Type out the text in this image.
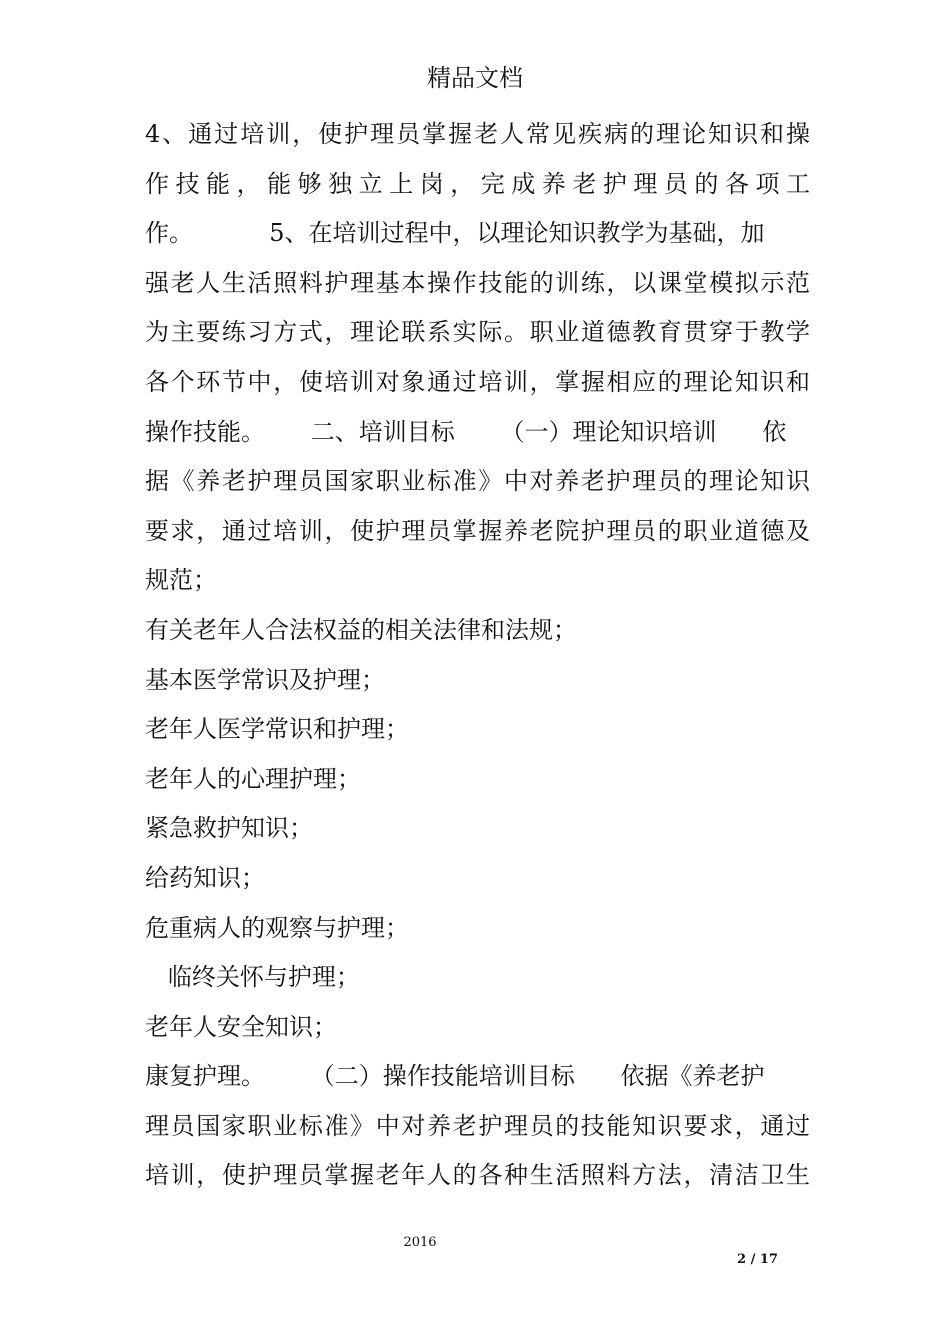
精品文档
4、通过培训，使护理员掌握老人常见疾病的理论知识和操
作技能，能够独立上岗，完成养老护理员的各项工
作。          5、在培训过程中，以理论知识教学为基础，加
强老人生活照料护理基本操作技能的训练，以课堂模拟示范
为主要练习方式，理论联系实际。职业道德教育贯穿于教学
各个环节中，使培训对象通过培训，掌握相应的理论知识和
操作技能。      二、培训目标      （一）理论知识培训      依
据《养老护理员国家职业标准》中对养老护理员的理论知识
要求，通过培训，使护理员掌握养老院护理员的职业道德及
规范；
有关老年人合法权益的相关法律和法规；
基本医学常识及护理；
老年人医学常识和护理；
老年人的心理护理；
紧急救护知识；
给药知识；
危重病人的观察与护理；
临终关怀与护理；
老年人安全知识；
康复护理。      （二）操作技能培训目标      依据《养老护
理员国家职业标准》中对养老护理员的技能知识要求，通过
培训，使护理员掌握老年人的各种生活照料方法，清洁卫生
2016
2 / 17
